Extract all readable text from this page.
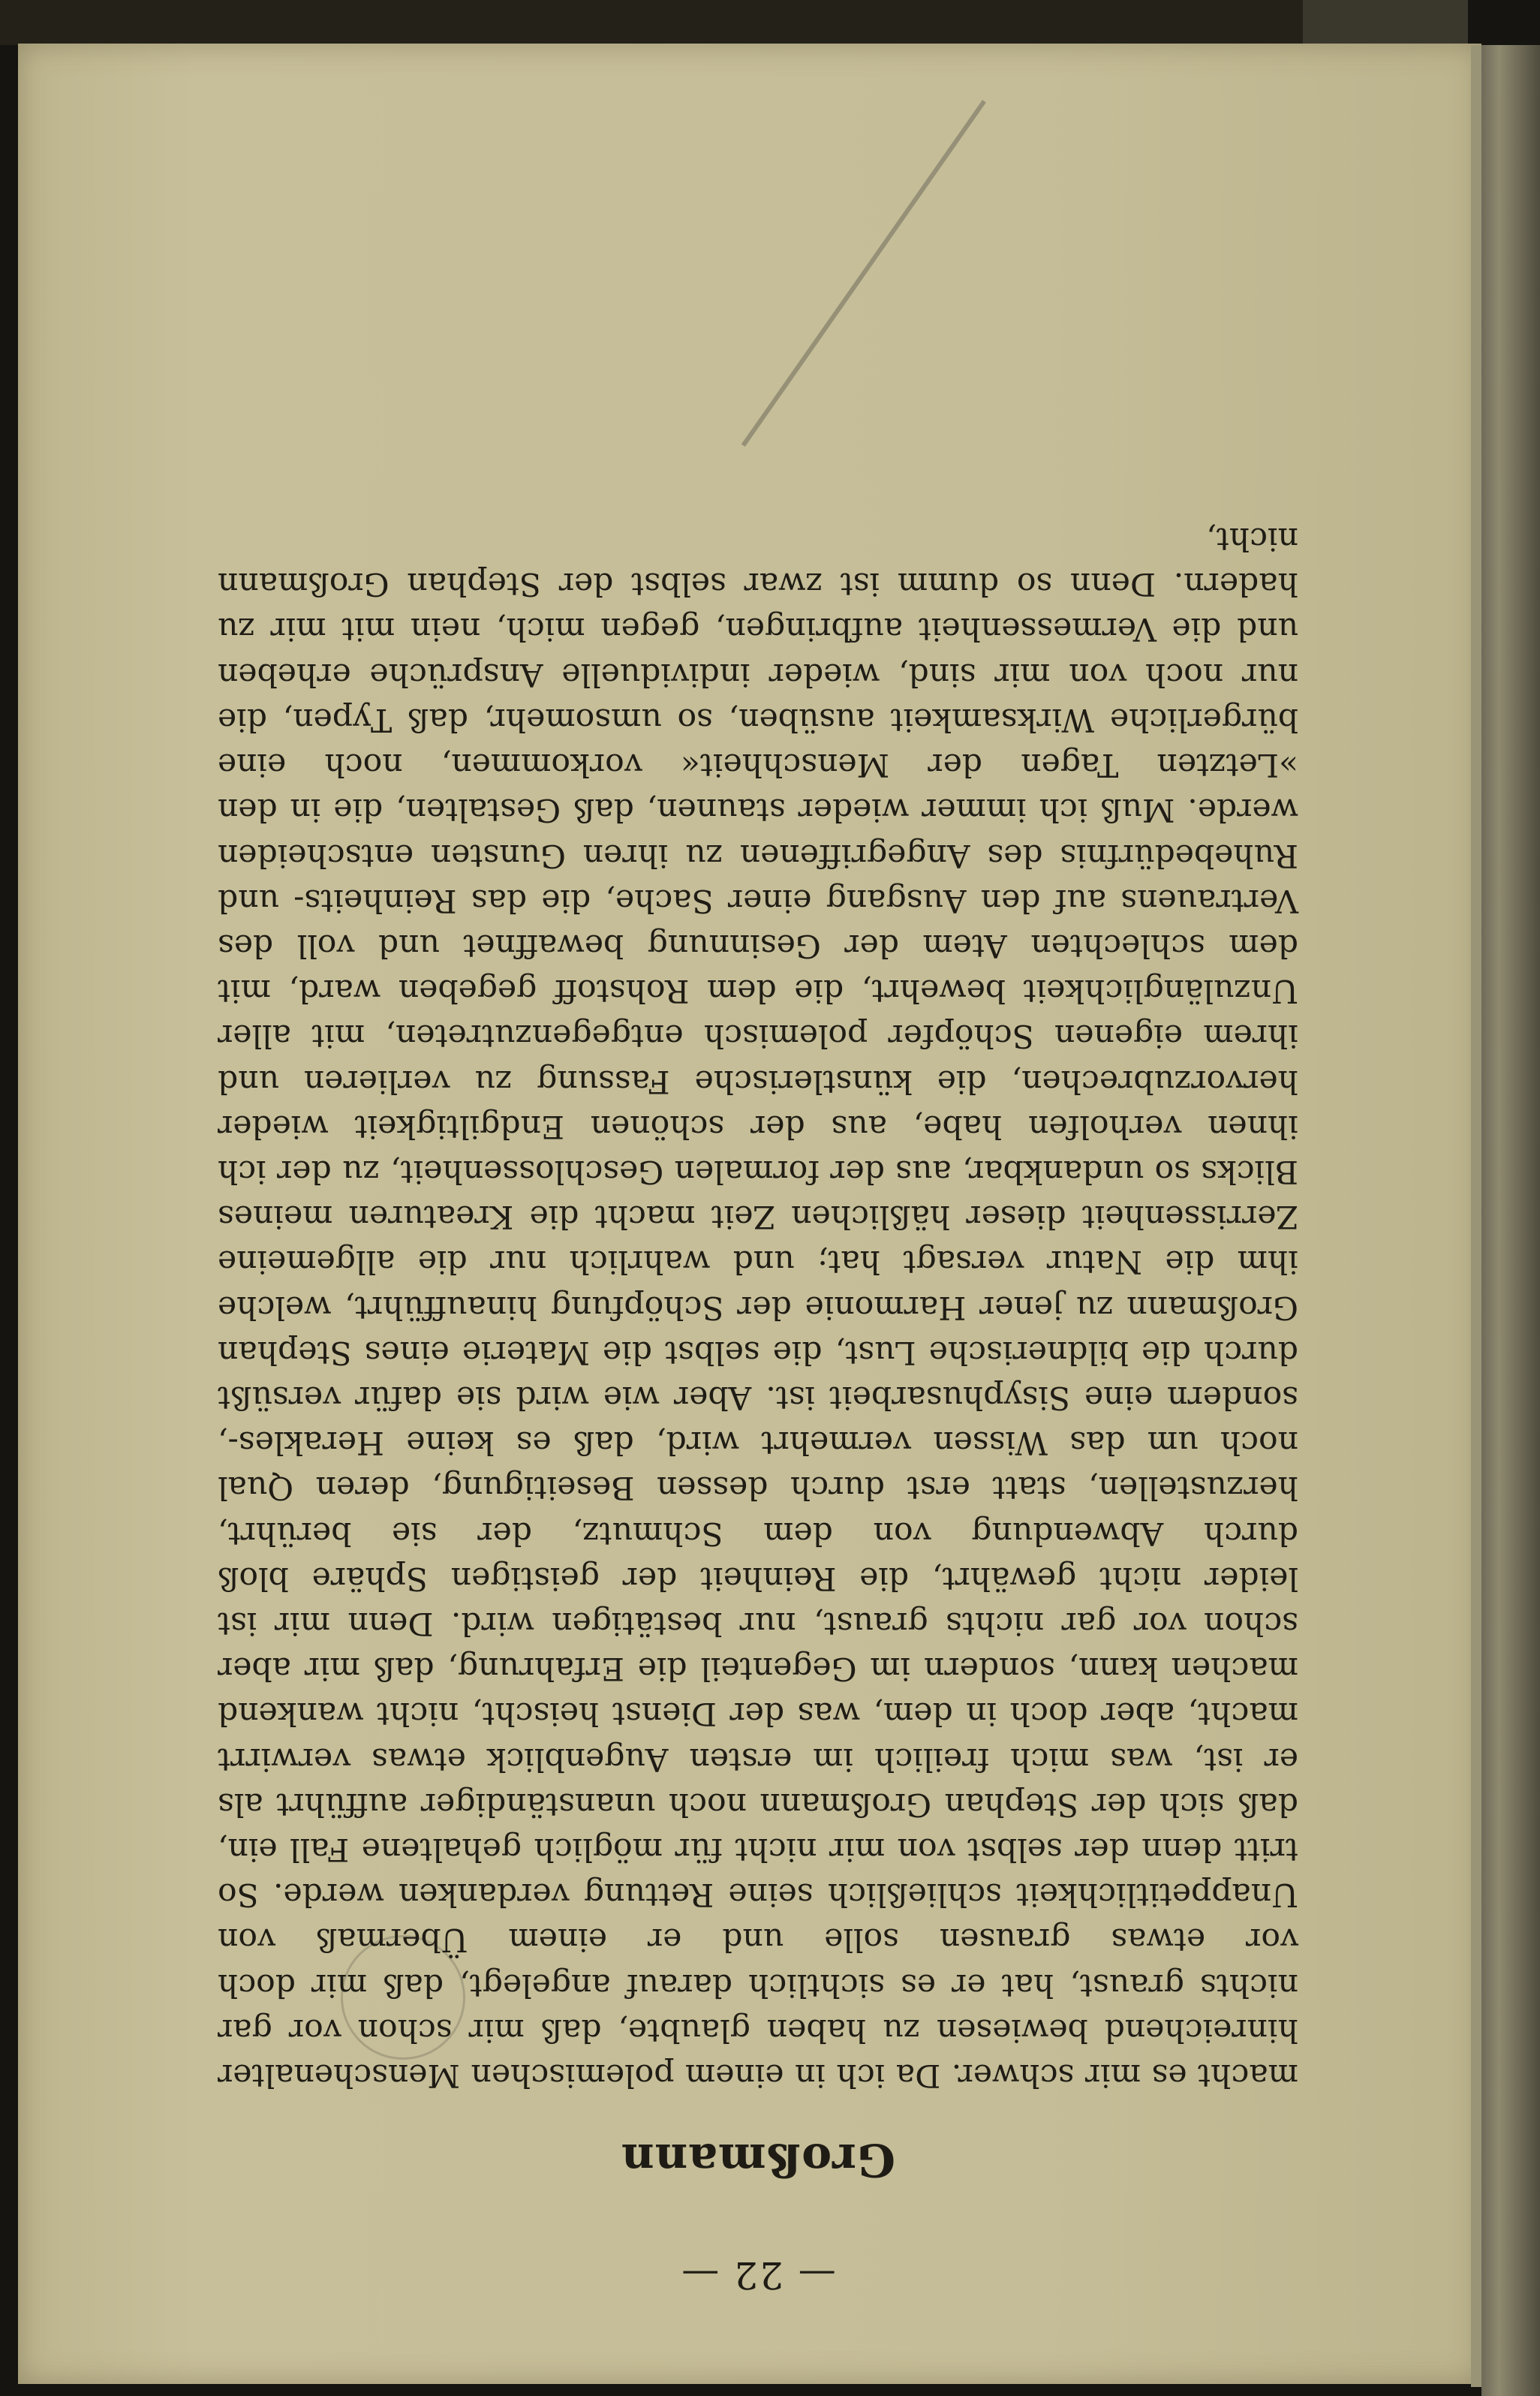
— 22 —
Großmann

macht es mir schwer. Da ich in einem polemischen Menschenalter hinreichend bewiesen zu haben glaubte, daß mir schon vor gar nichts graust, hat er es sichtlich darauf angelegt, daß mir doch vor etwas grausen solle und er einem Übermaß von Unappetitlichkeit schließlich seine Rettung verdanken werde. So tritt denn der selbst von mir nicht für möglich gehaltene Fall ein, daß sich der Stephan Großmann noch unanständiger aufführt als er ist, was mich freilich im ersten Augenblick etwas verwirrt macht, aber doch in dem, was der Dienst heischt, nicht wankend machen kann, sondern im Gegenteil die Erfahrung, daß mir aber schon vor gar nichts graust, nur bestätigen wird. Denn mir ist leider nicht gewährt, die Reinheit der geistigen Sphäre bloß durch Abwendung von dem Schmutz, der sie berührt, herzustellen, statt erst durch dessen Beseitigung, deren Qual noch um das Wissen vermehrt wird, daß es keine Herakles-, sondern eine Sisyphusarbeit ist. Aber wie wird sie dafür versüßt durch die bildnerische Lust, die selbst die Materie eines Stephan Großmann zu jener Harmonie der Schöpfung hinaufführt, welche ihm die Natur versagt hat; und wahrlich nur die allgemeine Zerrissenheit dieser häßlichen Zeit macht die Kreaturen meines Blicks so undankbar, aus der formalen Geschlossenheit, zu der ich ihnen verholfen habe, aus der schönen Endgiltigkeit wieder hervorzubrechen, die künstlerische Fassung zu verlieren und ihrem eigenen Schöpfer polemisch entgegenzutreten, mit aller Unzulänglichkeit bewehrt, die dem Rohstoff gegeben ward, mit dem schlechten Atem der Gesinnung bewaffnet und voll des Vertrauens auf den Ausgang einer Sache, die das Reinheits- und Ruhebedürfnis des Angegriffenen zu ihren Gunsten entscheiden werde. Muß ich immer wieder staunen, daß Gestalten, die in den »Letzten Tagen der Menschheit« vorkommen, noch eine bürgerliche Wirksamkeit ausüben, so umsomehr, daß Typen, die nur noch von mir sind, wieder individuelle Ansprüche erheben und die Vermessenheit aufbringen, gegen mich, nein mit mir zu hadern. Denn so dumm ist zwar selbst der Stephan Großmann nicht,
